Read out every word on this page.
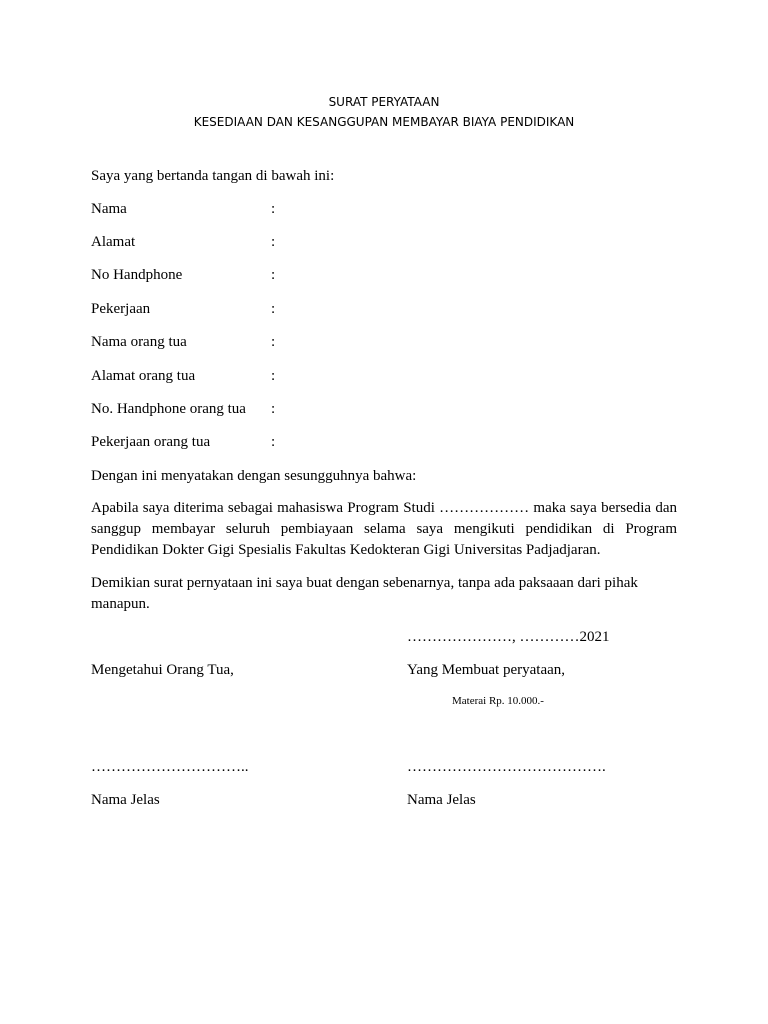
SURAT PERYATAAN
KESEDIAAN DAN KESANGGUPAN MEMBAYAR BIAYA PENDIDIKAN
Saya yang bertanda tangan di bawah ini:
Nama	:
Alamat	:
No Handphone	:
Pekerjaan	:
Nama orang tua	:
Alamat orang tua	:
No. Handphone orang tua :
Pekerjaan orang tua	:
Dengan ini menyatakan dengan sesungguhnya bahwa:
Apabila saya diterima sebagai mahasiswa Program Studi ……………… maka saya bersedia dan sanggup membayar seluruh pembiayaan selama saya mengikuti pendidikan di Program Pendidikan Dokter Gigi Spesialis Fakultas Kedokteran Gigi Universitas Padjadjaran.
Demikian surat pernyataan ini saya buat dengan sebenarnya, tanpa ada paksaaan dari pihak manapun.
…………………, …………2021
Mengetahui Orang Tua,	Yang Membuat peryataan,
Materai Rp. 10.000.-
…………………………..	………………………………….
Nama Jelas	Nama Jelas
